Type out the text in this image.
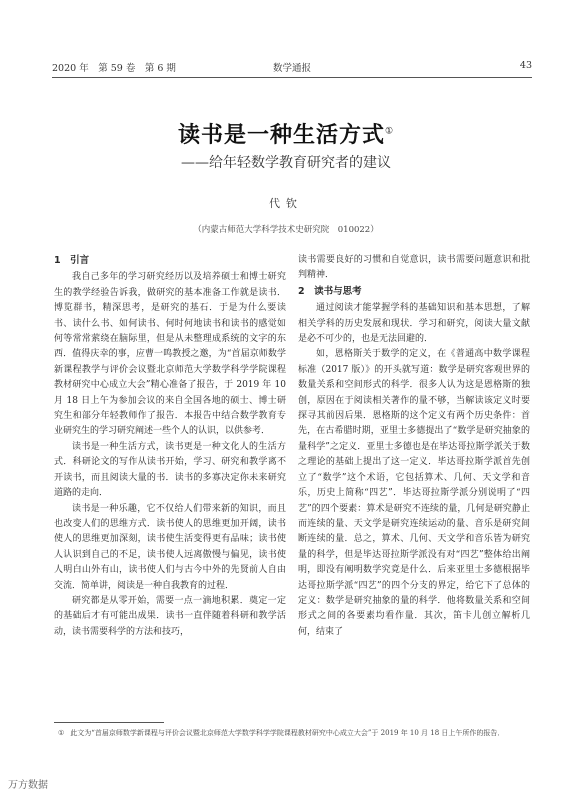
2020 年　第 59 卷　第 6 期	数学通报	43
读书是一种生活方式①
——给年轻数学教育研究者的建议
代钦
（内蒙古师范大学科学技术史研究院　010022）
1　引言

我自己多年的学习研究经历以及培养硕士和博士研究生的教学经验告诉我，做研究的基本准备工作就是读书．博览群书，精深思考，是研究的基石．于是为什么要读书、读什么书、如何读书、何时何地读书和读书的感觉如何等常常萦绕在脑际里，但是从未整理成系统的文字的东西．值得庆幸的事，应曹一鸣教授之邀，为“首届京师数学新课程教学与评价会议暨北京师范大学数学科学学院课程教材研究中心成立大会”精心准备了报告，于 2019 年 10 月 18 日上午为参加会议的来自全国各地的硕士、博士研究生和部分年轻教师作了报告．本报告中结合数学教育专业研究生的学习研究阐述一些个人的认识，以供参考．

读书是一种生活方式，读书更是一种文化人的生活方式．科研论文的写作从读书开始，学习、研究和教学离不开读书，而且阅读大量的书．读书的多寡决定你未来研究道路的走向．

读书是一种乐趣，它不仅给人们带来新的知识，而且也改变人们的思维方式．读书使人的思维更加开阔，读书使人的思维更加深刻，读书使生活变得更有品味；读书使人认识到自己的不足，读书使人远离傲慢与偏见，读书使人明白山外有山，读书使人们与古今中外的先贤前人自由交流．简单讲，阅读是一种自我教育的过程．

研究都是从零开始，需要一点一滴地积累．奠定一定的基础后才有可能出成果．读书一直伴随着科研和教学活动，读书需要科学的方法和技巧，

读书需要良好的习惯和自觉意识，读书需要问题意识和批判精神．

2　读书与思考

通过阅读才能掌握学科的基础知识和基本思想，了解相关学科的历史发展和现状．学习和研究，阅读大量文献是必不可少的，也是无法回避的．

如，恩格斯关于数学的定义，在《普通高中数学课程标准（2017 版）》的开头就写道：数学是研究客观世界的数量关系和空间形式的科学．很多人认为这是恩格斯的独创，原因在于阅读相关著作的量不够，当解读该定义时要探寻其前因后果．恩格斯的这个定义有两个历史条件：首先，在古希腊时期，亚里士多德提出了“数学是研究抽象的量科学”之定义．亚里士多德也是在毕达哥拉斯学派关于数之理论的基础上提出了这一定义．毕达哥拉斯学派首先创立了“数学”这个术语，它包括算术、几何、天文学和音乐，历史上简称“四艺”．毕达哥拉斯学派分别说明了“四艺”的四个要素：算术是研究不连续的量，几何是研究静止而连续的量、天文学是研究连续运动的量、音乐是研究间断连续的量．总之，算术、几何、天文学和音乐皆为研究量的科学，但是毕达哥拉斯学派没有对“四艺”整体给出阐明，即没有阐明数学究竟是什么．后来亚里士多德根据毕达哥拉斯学派“四艺”的四个分支的界定，给它下了总体的定义：数学是研究抽象的量的科学．他将数量关系和空间形式之间的各要素均看作量．其次，笛卡儿创立解析几何，结束了

① 此文为“首届京师数学新课程与评价会议暨北京师范大学数学科学学院课程教材研究中心成立大会”于 2019 年 10 月 18 日上午所作的报告．
万方数据
